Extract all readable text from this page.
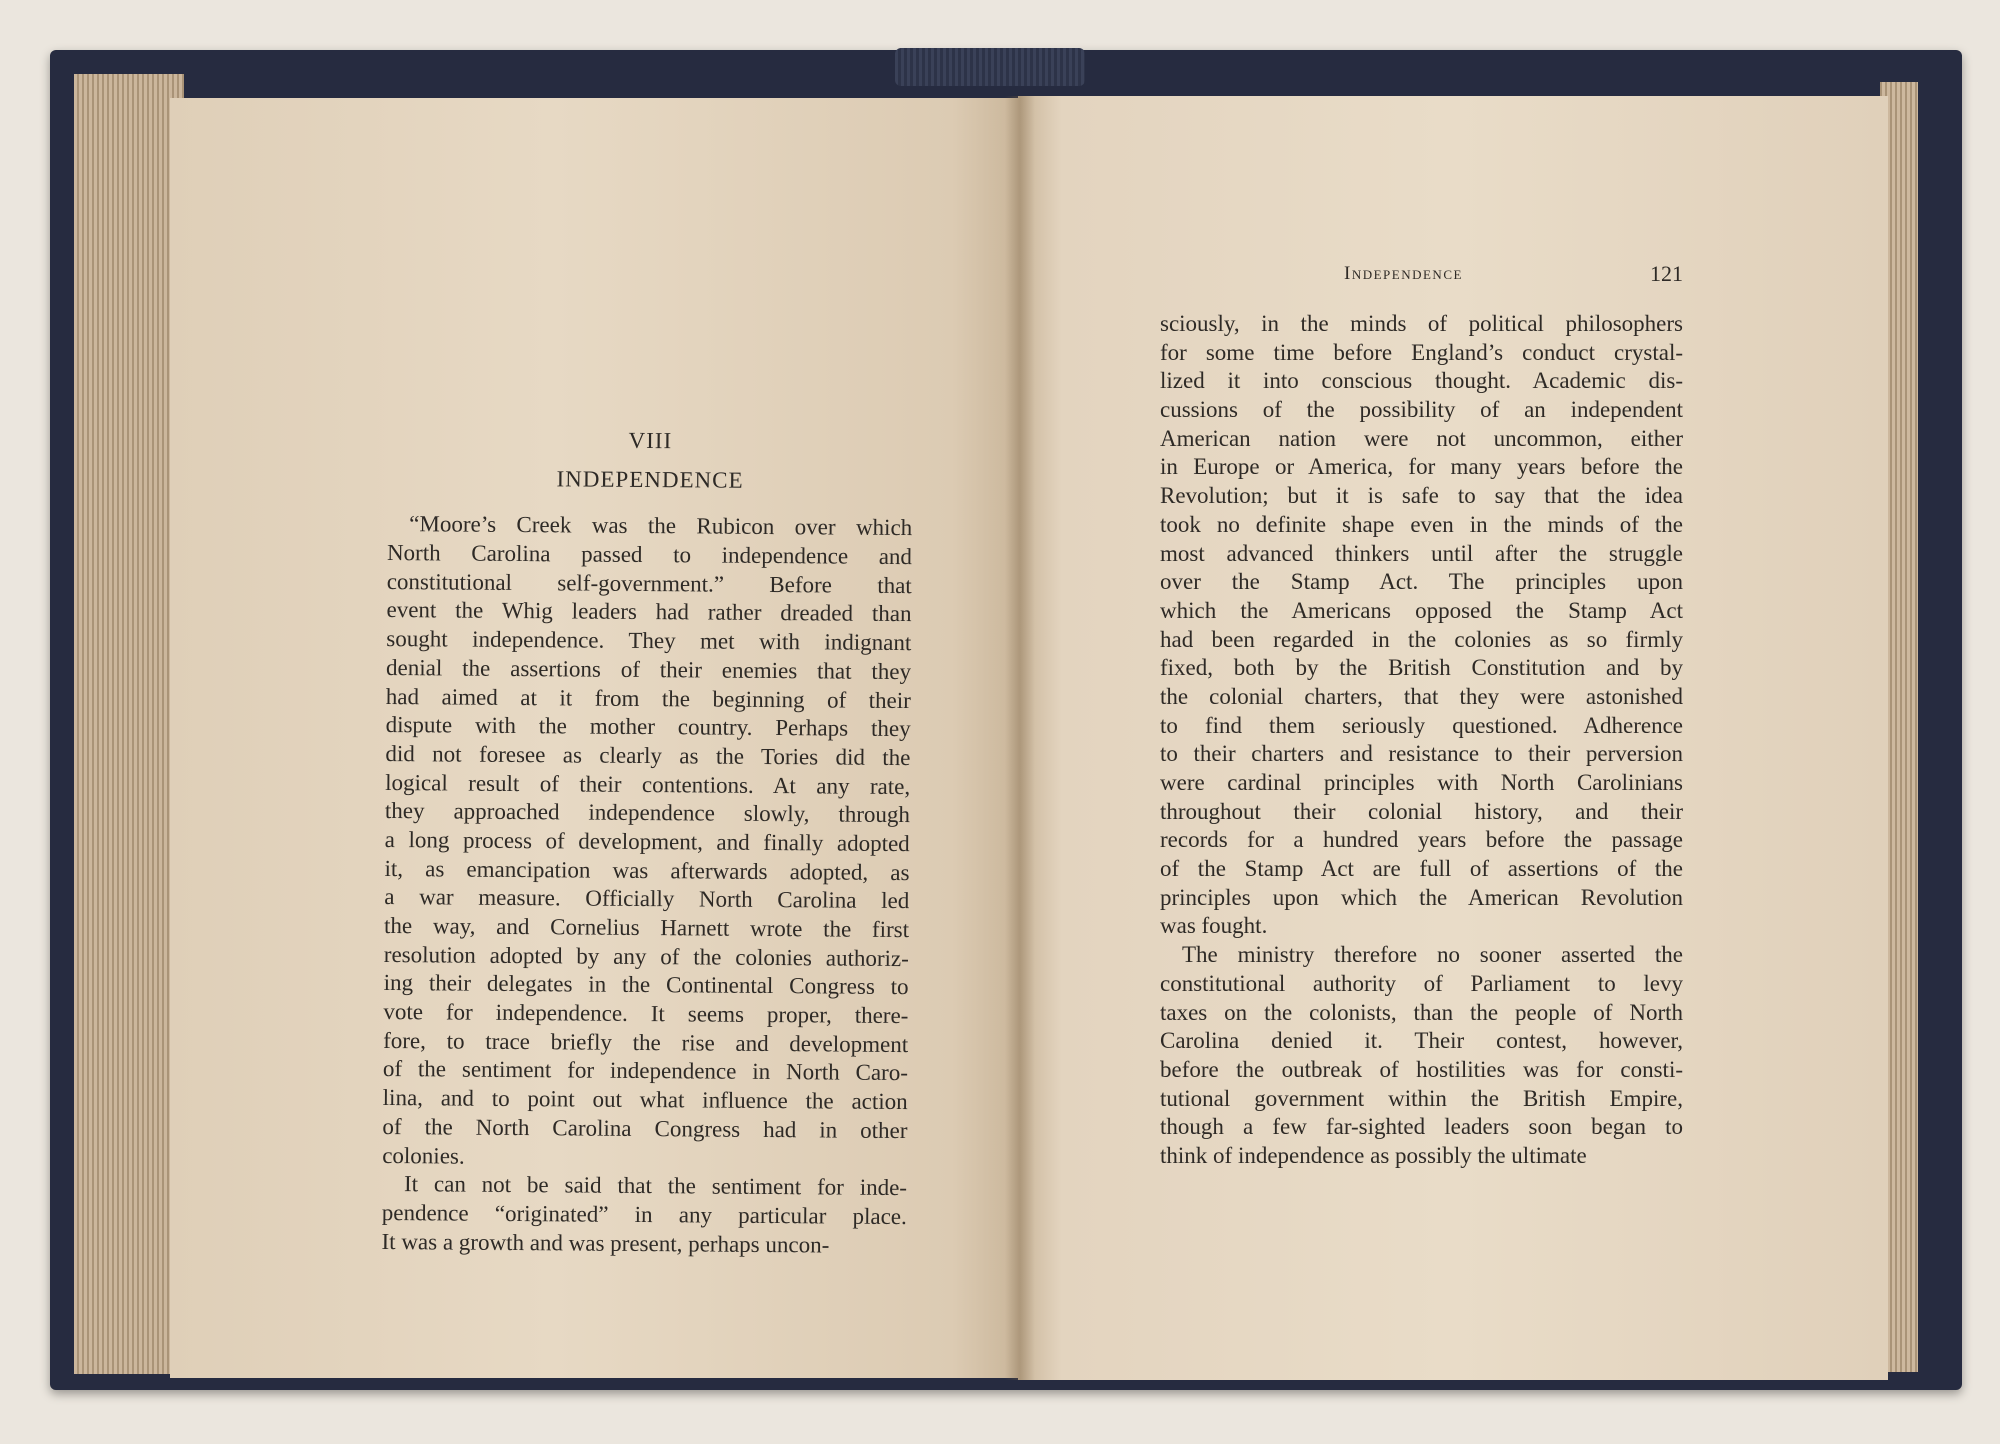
VIII
INDEPENDENCE
“Moore’s Creek was the Rubicon over which
North Carolina passed to independence and
constitutional self-government.” Before that
event the Whig leaders had rather dreaded than
sought independence. They met with indignant
denial the assertions of their enemies that they
had aimed at it from the beginning of their
dispute with the mother country. Perhaps they
did not foresee as clearly as the Tories did the
logical result of their contentions. At any rate,
they approached independence slowly, through
a long process of development, and finally adopted
it, as emancipation was afterwards adopted, as
a war measure. Officially North Carolina led
the way, and Cornelius Harnett wrote the first
resolution adopted by any of the colonies authoriz-
ing their delegates in the Continental Congress to
vote for independence. It seems proper, there-
fore, to trace briefly the rise and development
of the sentiment for independence in North Caro-
lina, and to point out what influence the action
of the North Carolina Congress had in other
colonies.
It can not be said that the sentiment for inde-
pendence “originated” in any particular place.
It was a growth and was present, perhaps uncon-
Independence	121
sciously, in the minds of political philosophers
for some time before England’s conduct crystal-
lized it into conscious thought. Academic dis-
cussions of the possibility of an independent
American nation were not uncommon, either
in Europe or America, for many years before the
Revolution; but it is safe to say that the idea
took no definite shape even in the minds of the
most advanced thinkers until after the struggle
over the Stamp Act. The principles upon
which the Americans opposed the Stamp Act
had been regarded in the colonies as so firmly
fixed, both by the British Constitution and by
the colonial charters, that they were astonished
to find them seriously questioned. Adherence
to their charters and resistance to their perversion
were cardinal principles with North Carolinians
throughout their colonial history, and their
records for a hundred years before the passage
of the Stamp Act are full of assertions of the
principles upon which the American Revolution
was fought.
The ministry therefore no sooner asserted the
constitutional authority of Parliament to levy
taxes on the colonists, than the people of North
Carolina denied it. Their contest, however,
before the outbreak of hostilities was for consti-
tutional government within the British Empire,
though a few far-sighted leaders soon began to
think of independence as possibly the ultimate
